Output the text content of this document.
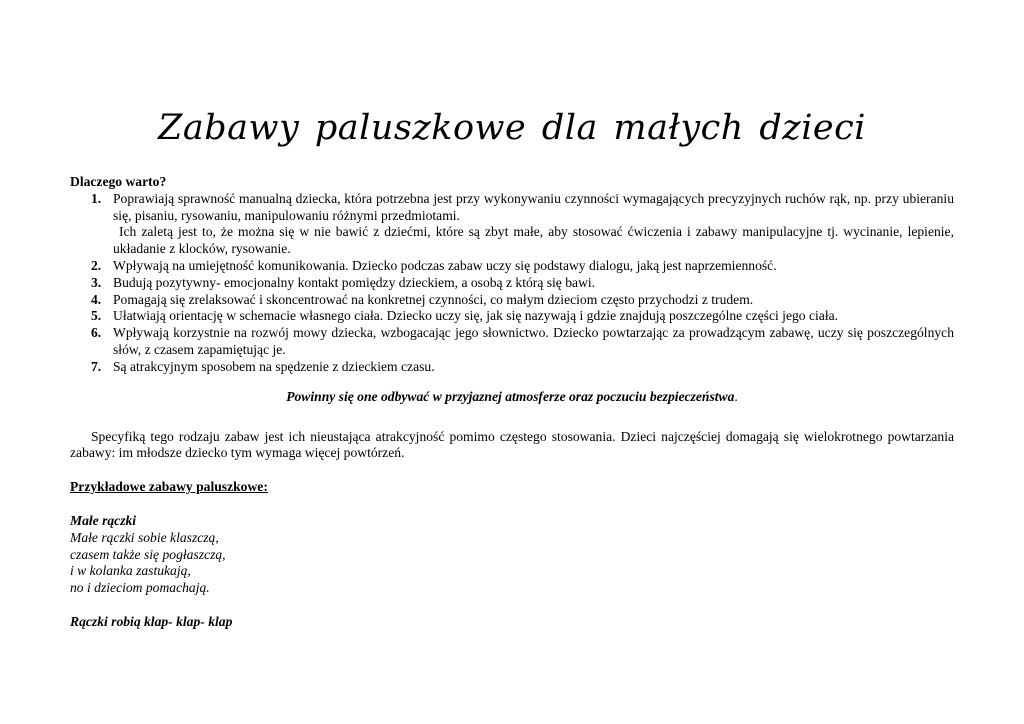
Zabawy paluszkowe dla małych dzieci

Dlaczego warto?

1. Poprawiają sprawność manualną dziecka, która potrzebna jest przy wykonywaniu czynności wymagających precyzyjnych ruchów rąk, np. przy ubieraniu się, pisaniu, rysowaniu, manipulowaniu różnymi przedmiotami.
Ich zaletą jest to, że można się w nie bawić z dziećmi, które są zbyt małe, aby stosować ćwiczenia i zabawy manipulacyjne tj. wycinanie, lepienie, układanie z klocków, rysowanie.
2. Wpływają na umiejętność komunikowania. Dziecko podczas zabaw uczy się podstawy dialogu, jaką jest naprzemienność.
3. Budują pozytywny- emocjonalny kontakt pomiędzy dzieckiem, a osobą z którą się bawi.
4. Pomagają się zrelaksować i skoncentrować na konkretnej czynności, co małym dzieciom często przychodzi z trudem.
5. Ułatwiają orientację w schemacie własnego ciała. Dziecko uczy się, jak się nazywają i gdzie znajdują poszczególne części jego ciała.
6. Wpływają korzystnie na rozwój mowy dziecka, wzbogacając jego słownictwo. Dziecko powtarzając za prowadzącym zabawę, uczy się poszczególnych słów, z czasem zapamiętując je.
7. Są atrakcyjnym sposobem na spędzenie z dzieckiem czasu.
Powinny się one odbywać w przyjaznej atmosferze oraz poczuciu bezpieczeństwa.
Specyfiką tego rodzaju zabaw jest ich nieustająca atrakcyjność pomimo częstego stosowania. Dzieci najczęściej domagają się wielokrotnego powtarzania zabawy: im młodsze dziecko tym wymaga więcej powtórzeń.
Przykładowe zabawy paluszkowe:
Małe rączki
Małe rączki sobie klaszczą,
czasem także się pogłaszczą,
i w kolanka zastukają,
no i dzieciom pomachają.
Rączki robią klap- klap- klap
